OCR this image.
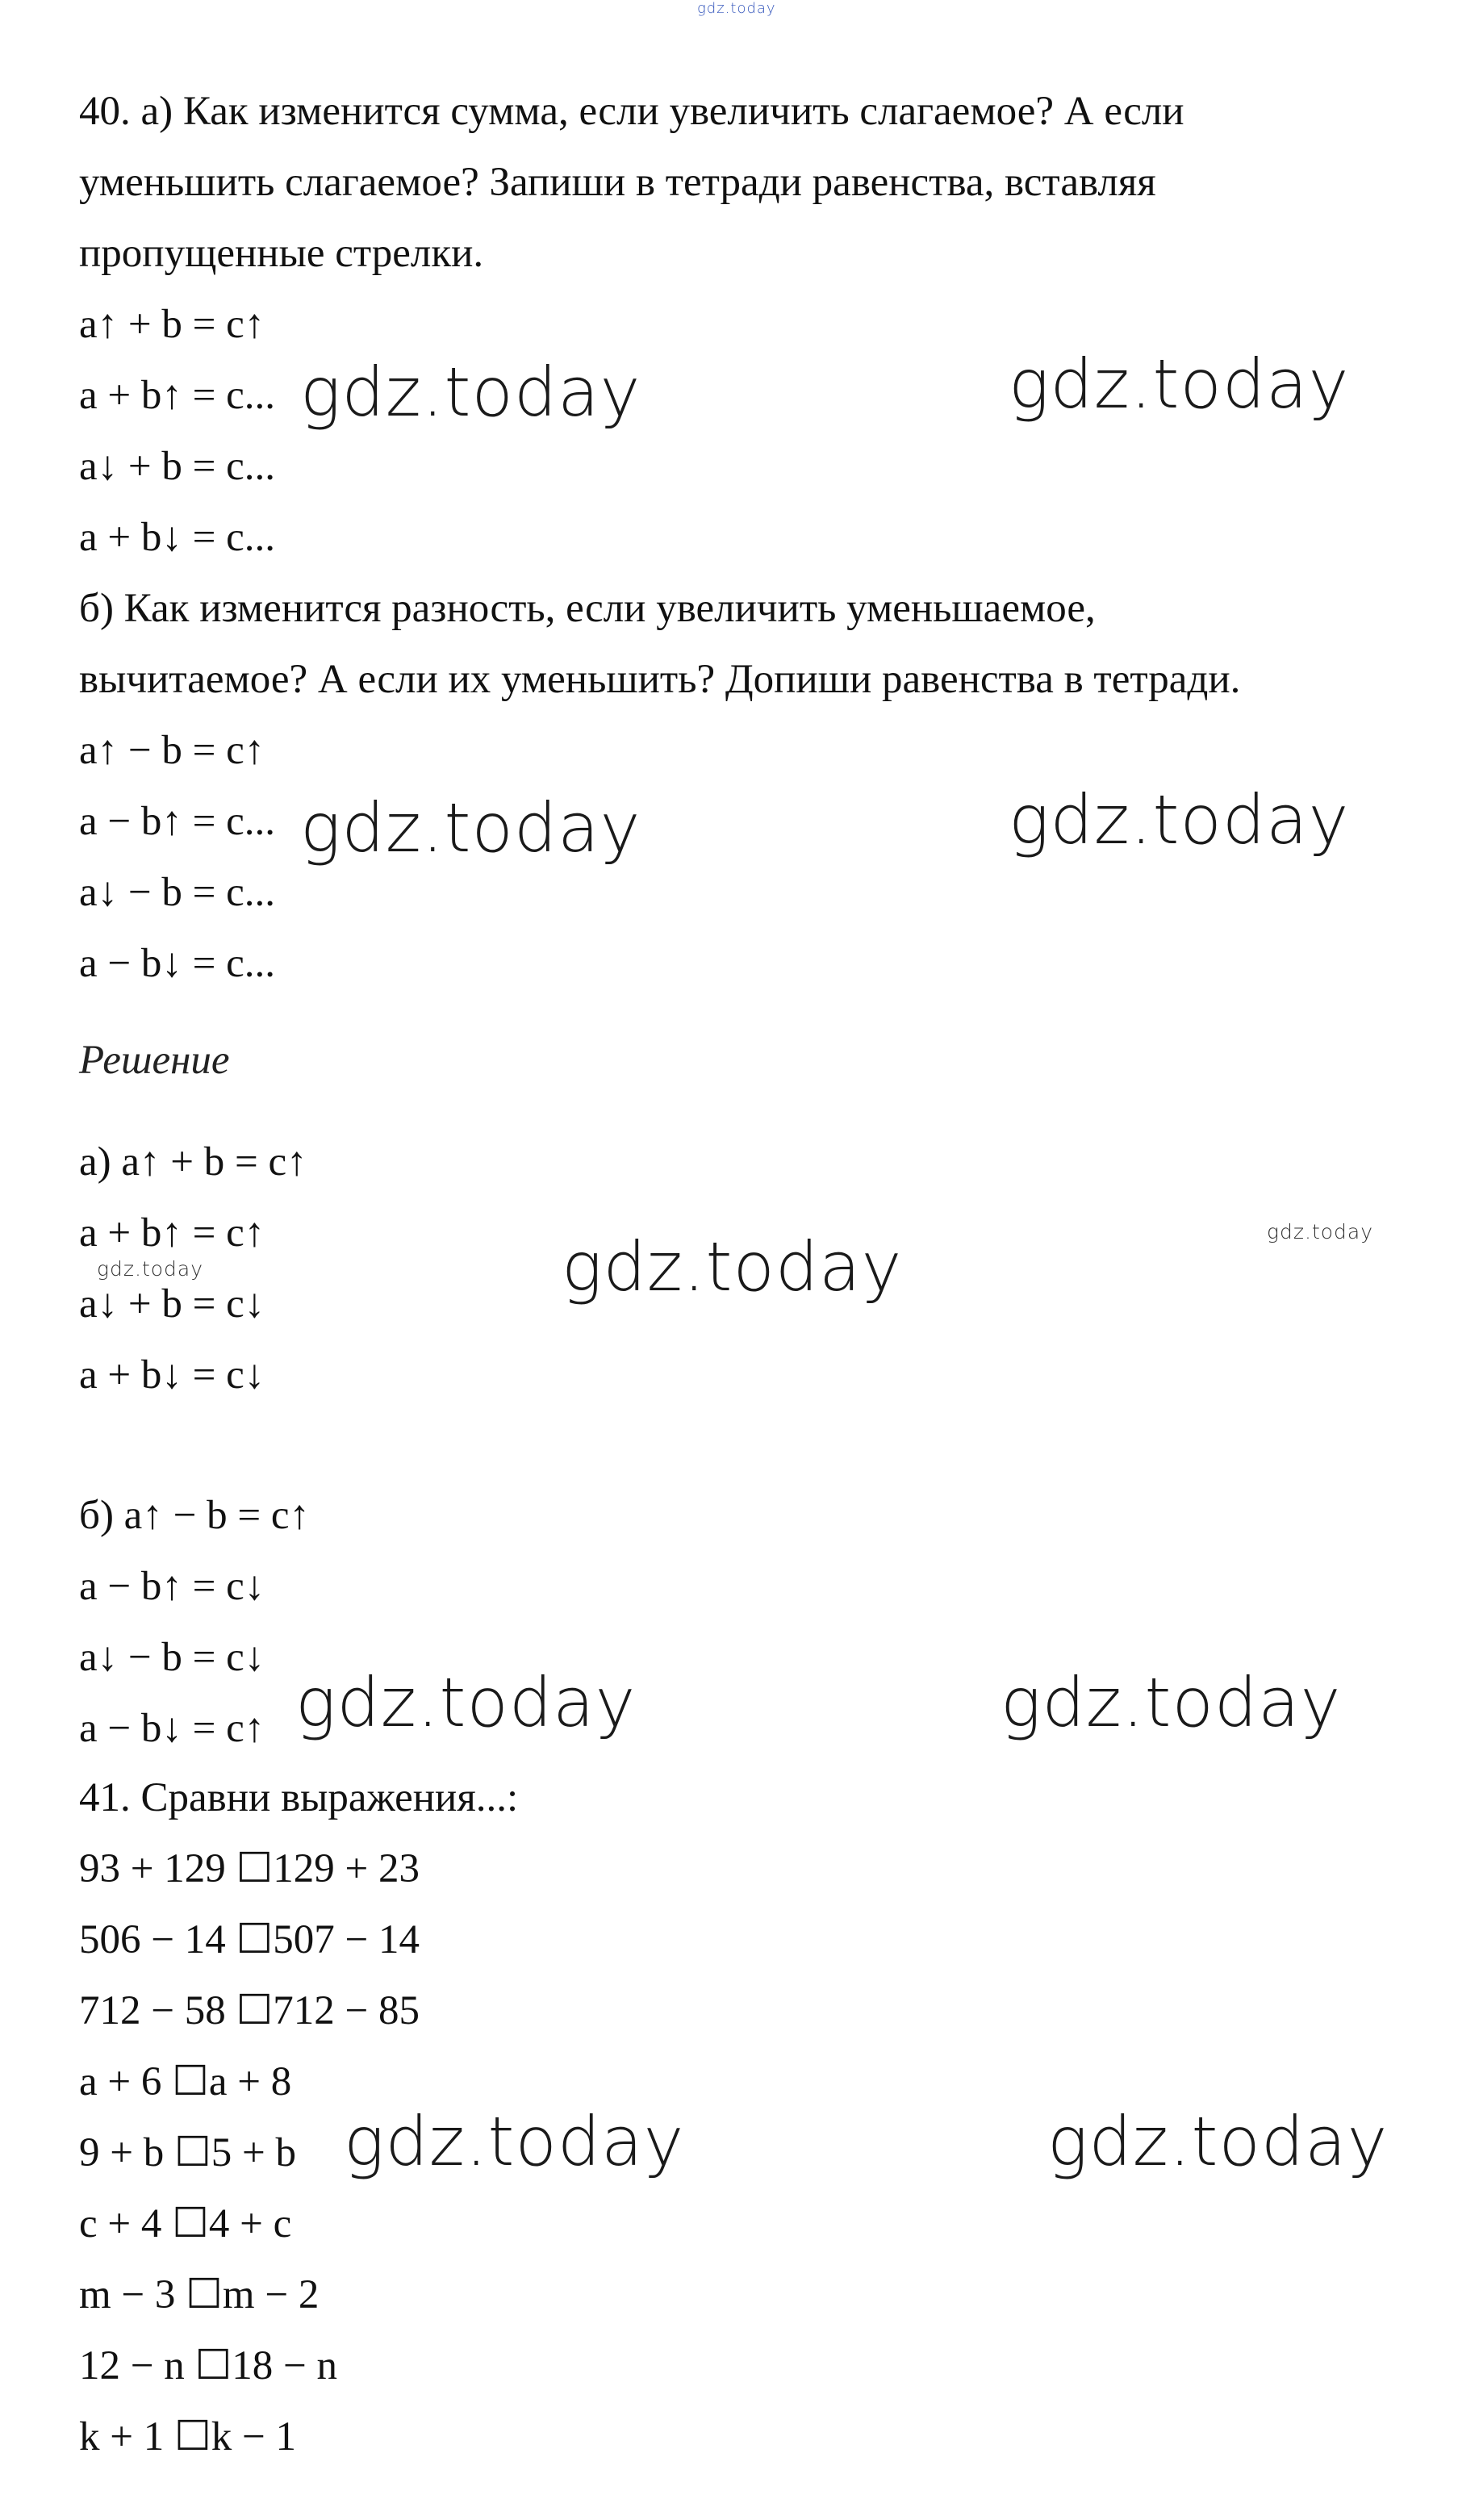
gdz.today
40. а) Как изменится сумма, если увеличить слагаемое? А если
уменьшить слагаемое? Запиши в тетради равенства, вставляя
пропущенные стрелки.
a↑ + b = c↑
a + b↑ = c...
a↓ + b = c...
a + b↓ = c...
б) Как изменится разность, если увеличить уменьшаемое,
вычитаемое? А если их уменьшить? Допиши равенства в тетради.
a↑ − b = c↑
a − b↑ = c...
a↓ − b = c...
a − b↓ = c...
Решение
а) a↑ + b = c↑
a + b↑ = c↑
a↓ + b = c↓
a + b↓ = c↓
б) a↑ − b = c↑
a − b↑ = c↓
a↓ − b = c↓
a − b↓ = c↑
41. Сравни выражения...:
93 + 129 ☐129 + 23
506 − 14 ☐507 − 14
712 − 58 ☐712 − 85
a + 6 ☐a + 8
9 + b ☐5 + b
c + 4 ☐4 + c
m − 3 ☐m − 2
12 − n ☐18 − n
k + 1 ☐k − 1
gdz.today	gdz.today
gdz.today	gdz.today
gdz.today	gdz.today
gdz.today
gdz.today	gdz.today
gdz.today	gdz.today
